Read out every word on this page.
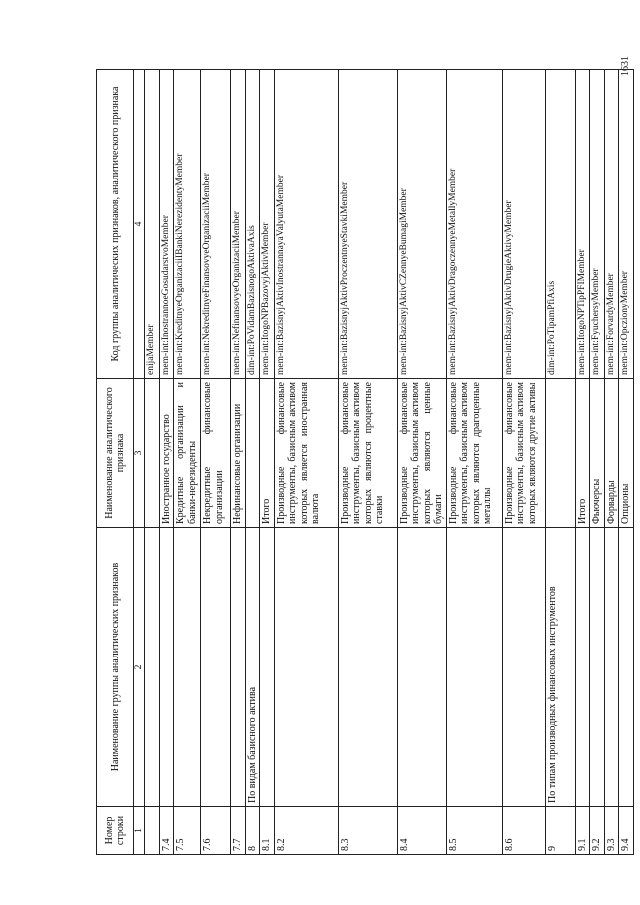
1631
Номер строки	Наименование группы аналитических признаков	Наименование аналитического признака	Код группы аналитических признаков, аналитического признака
1	2	3	4
			enijaMember
7.4		Иностранное государство	mem-int:InostrannoeGosudarstvoMember
7.5		Кредитные организации и банки-нерезиденты	mem-int:KreditnyeOrganizaciiIBankiNerezidentyMember
7.6		Некредитные финансовые организации	mem-int:NekreditnyeFinansovyeOrganizaciiMember
7.7		Нефинансовые организации	mem-int:NefinansovyeOrganizaciiMember
8	По видам базисного актива		dim-int:PoVidamBazisnogoAktivaAxis
8.1		Итого	mem-int:ItogoNPBazovyjAktivMember
8.2		Производные финансовые инструменты, базисным активом которых является иностранная валюта	mem-int:BazisnyjAktivInostrannayaValyutaMember
8.3		Производные финансовые инструменты, базисным активом которых являются процентные ставки	mem-int:BazisnyjAktivProczentnyeStavkiMember
8.4		Производные финансовые инструменты, базисным активом которых являются ценные бумаги	mem-int:BazisnyjAktivCZennyeBumagiMember
8.5		Производные финансовые инструменты, базисным активом которых являются драгоценные металлы	mem-int:BazisnyjAktivDragoczennyeMetallyMember
8.6		Производные финансовые инструменты, базисным активом которых являются другие активы	mem-int:BazisnyjAktivDrugieAktivyMember
9	По типам производных финансовых инструментов		dim-int:PoTipamPfiAxis
9.1		Итого	mem-int:ItogoNPTipPFIMember
9.2		Фьючерсы	mem-int:FyuchersyMember
9.3		Форварды	mem-int:ForvardyMember
9.4		Опционы	mem-int:OpczionyMember
